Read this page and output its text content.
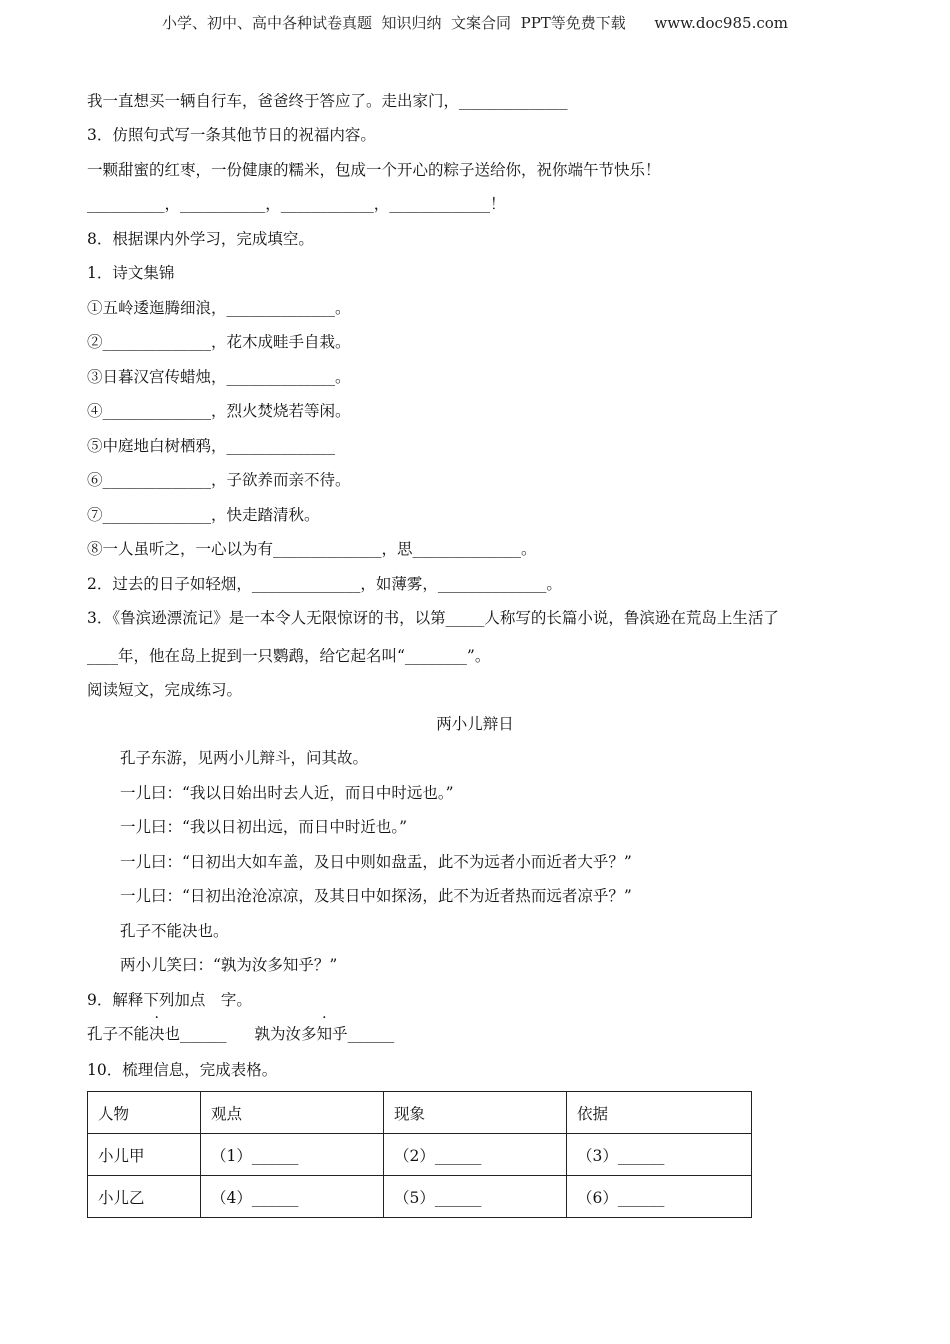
小学、初中、高中各种试卷真题  知识归纳  文案合同  PPT等免费下载      www.doc985.com
我一直想买一辆自行车，爸爸终于答应了。走出家门，______________
3．仿照句式写一条其他节日的祝福内容。
一颗甜蜜的红枣，一份健康的糯米，包成一个开心的粽子送给你，祝你端午节快乐！
__________，___________，____________，_____________！
8．根据课内外学习，完成填空。
1．诗文集锦
①五岭逶迤腾细浪，______________。
②______________，花木成畦手自栽。
③日暮汉宫传蜡烛，______________。
④______________，烈火焚烧若等闲。
⑤中庭地白树栖鸦，______________
⑥______________，子欲养而亲不待。
⑦______________，快走踏清秋。
⑧一人虽听之，一心以为有______________，思______________。
2．过去的日子如轻烟，______________，如薄雾，______________。
3．《鲁滨逊漂流记》是一本令人无限惊讶的书，以第_____人称写的长篇小说，鲁滨逊在荒岛上生活了
____年，他在岛上捉到一只鹦鹉，给它起名叫“________”。
阅读短文，完成练习。
两小儿辩日
孔子东游，见两小儿辩斗，问其故。
一儿曰：“我以日始出时去人近，而日中时远也。”
一儿曰：“我以日初出远，而日中时近也。”
一儿曰：“日初出大如车盖，及日中则如盘盂，此不为远者小而近者大乎？”
一儿曰：“日初出沧沧凉凉，及其日中如探汤，此不为近者热而远者凉乎？”
孔子不能决也。
两小儿笑曰：“孰为汝多知乎？”
9．解释下列加点　字。
孔子不能决也______ 孰为汝多知乎______
10．梳理信息，完成表格。
人物	观点	现象	依据
小儿甲	（1）______	（2）______	（3）______
小儿乙	（4）______	（5）______	（6）______
